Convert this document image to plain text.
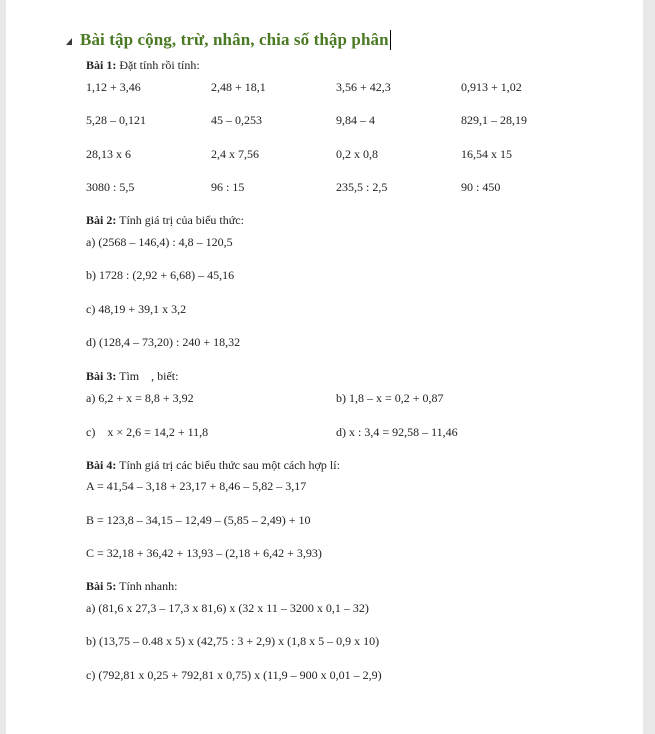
Bài tập cộng, trừ, nhân, chia số thập phân
Bài 1: Đặt tính rồi tính:
1,12 + 3,46	2,48 + 18,1	3,56 + 42,3	0,913 + 1,02
5,28 – 0,121	45 – 0,253	9,84 – 4	829,1 – 28,19
28,13 x 6	2,4 x 7,56	0,2 x 0,8	16,54 x 15
3080 : 5,5	96 : 15	235,5 : 2,5	90 : 450
Bài 2: Tính giá trị của biểu thức:
a) (2568 – 146,4) : 4,8 – 120,5
b) 1728 : (2,92 + 6,68) – 45,16
c) 48,19 + 39,1 x 3,2
d) (128,4 – 73,20) : 240 + 18,32
Bài 3: Tìm    , biết:
a) 6,2 + x = 8,8 + 3,92	b) 1,8 – x = 0,2 + 0,87
c)    x × 2,6 = 14,2 + 11,8	d) x : 3,4 = 92,58 – 11,46
Bài 4: Tính giá trị các biểu thức sau một cách hợp lí:
A = 41,54 – 3,18 + 23,17 + 8,46 – 5,82 – 3,17
B = 123,8 – 34,15 – 12,49 – (5,85 – 2,49) + 10
C = 32,18 + 36,42 + 13,93 – (2,18 + 6,42 + 3,93)
Bài 5: Tính nhanh:
a) (81,6 x 27,3 – 17,3 x 81,6) x (32 x 11 – 3200 x 0,1 – 32)
b) (13,75 – 0.48 x 5) x (42,75 : 3 + 2,9) x (1,8 x 5 – 0,9 x 10)
c) (792,81 x 0,25 + 792,81 x 0,75) x (11,9 – 900 x 0,01 – 2,9)
